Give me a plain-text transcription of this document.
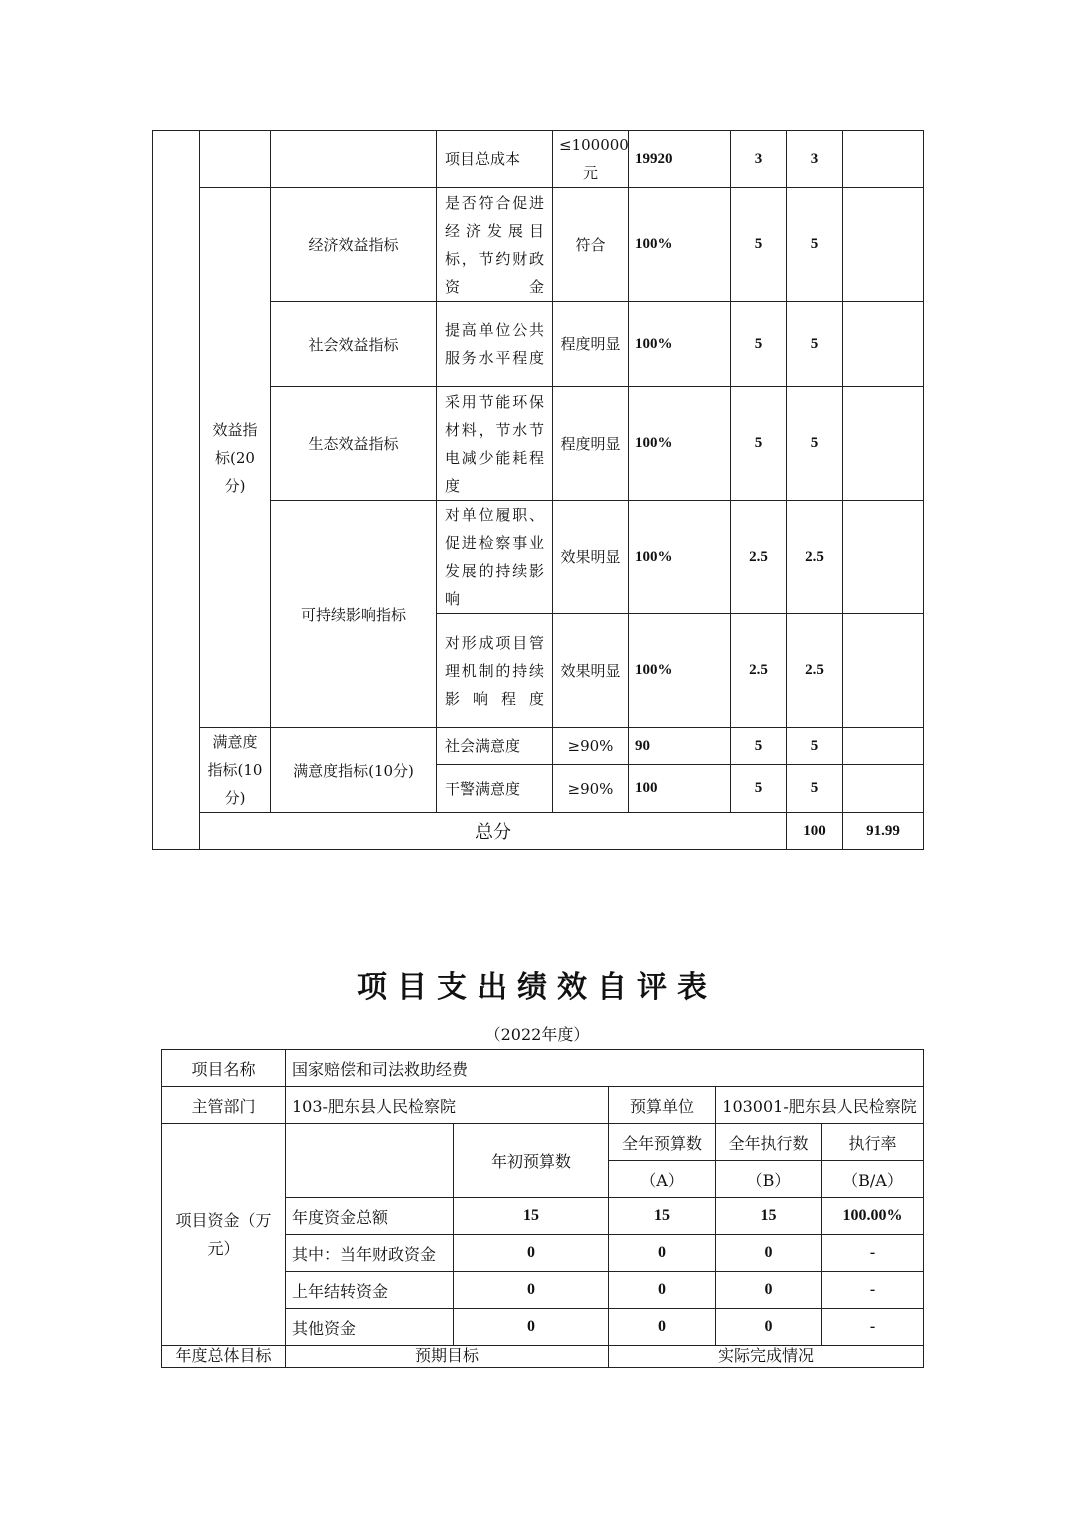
			项目总成本	≤100000元	19920	3	3		
	效益指标(20分)	经济效益指标	是否符合促进经济发展目标，节约财政资金	符合	100%	5	5		
		社会效益指标	提高单位公共服务水平程度	程度明显	100%	5	5		
		生态效益指标	采用节能环保材料，节水节电减少能耗程度	程度明显	100%	5	5		
		可持续影响指标	对单位履职、促进检察事业发展的持续影响	效果明显	100%	2.5	2.5		
			对形成项目管理机制的持续影响程度	效果明显	100%	2.5	2.5		
	满意度指标(10分)	满意度指标(10分)	社会满意度	≥90%	90	5	5		
			干警满意度	≥90%	100	5	5		
	总分						100	91.99	
项目支出绩效自评表
（2022年度）
项目名称	国家赔偿和司法救助经费				
主管部门	103-肥东县人民检察院		预算单位	103001-肥东县人民检察院	
项目资金（万元）		年初预算数	全年预算数	全年执行数	执行率
			（A）	（B）	（B/A）
	年度资金总额	15	15	15	100.00%
	其中：当年财政资金	0	0	0	-
	上年结转资金	0	0	0	-
	其他资金	0	0	0	-
年度总体目标	预期目标		实际完成情况		
